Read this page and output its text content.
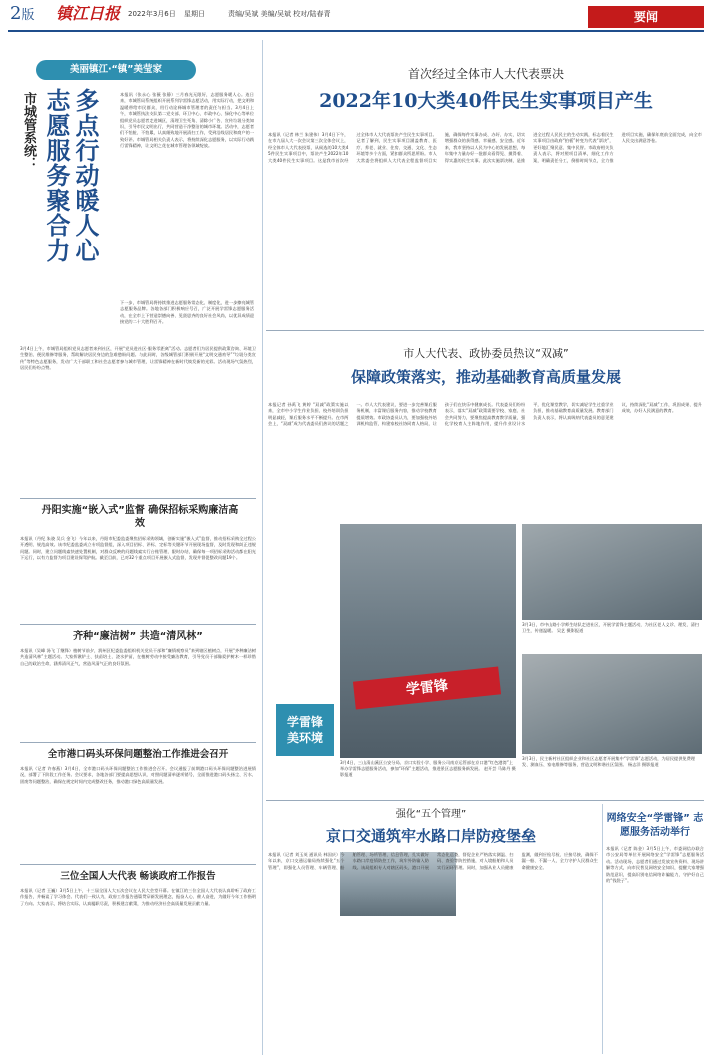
2版 镇江日报 2022年3月6日 星期日	责编/吴斌 美编/吴斌 校对/陆春青	要闻
美丽镇江·“镇”美莹家
市城管系统：	多点行动暖人心 志愿服务聚合力	本报讯（张永心 张薇 张静）三月春光无限好，志愿服务暖人心。连日来，市城管局系统组织开展系列学雷锋志愿活动，用实际行动，把文明和温暖带给市民群众，用行动诠释城市管理者的责任与担当。3月4日上午，市城管执法支队第二党支部、环卫中心、市政中心、绿化中心等单位组织党员志愿者走进城区，清理卫生死角、清除小广告、宣传垃圾分类知识，引导市民文明出行，共同营造干净整洁的城市环境。活动中，志愿者们不怕脏、不怕累，认真细致地开展清扫工作，受到沿线居民和商户的一致好评。市城管局相关负责人表示，将持续深化志愿服务，以实际行动践行雷锋精神，让文明之花在城市管理各领域绽放。
3月4日上午，市城管局组织党员志愿者来到社区，开展“党员进社区·服务零距离”活动。志愿者们为居民提供政策咨询、环境卫生整治、便民维修等服务，帮助解决居民身边的急难愁盼问题。与此同时，各级城管部门积极开展“文明交通劝导”“垃圾分类宣传”等特色志愿服务，发动广大干部职工和社会志愿者参与城市管理，让雷锋精神在新时代焕发新的光彩。活动现场气氛热烈，居民们纷纷点赞。
丹阳实施“嵌入式”监督 确保招标采购廉洁高效
本报讯（丹纪 朱骁 吴兵 金飞）今年以来，丹阳市纪委监委聚焦招标采购领域，创新实施“嵌入式”监督，推动招标采购全过程公开透明、规范高效。该市纪委监委成立专项监督组，深入项目招标、评标、定标等关键环节开展现场监督，及时发现和纠正违规问题。同时，建立问题线索快速处置机制，对群众反映的问题线索实行台账管理、限时办结，确保每一项招标采购活动都在阳光下运行，以有力监督为项目建设保驾护航。截至目前，已对32个重点项目开展嵌入式监督，发现并督促整改问题19个。
齐种“廉洁树” 共造“清风林”
本报讯（吴峰 汤飞 丁继锋）植树节前夕，润州区纪委监委组织机关党员干部和“廉情观察员”来到辖区植树点，开展“齐种廉洁树 共造清风林”主题活动。大家挥锹铲土、扶苗培土、浇水护苗，在植树劳动中接受廉洁教育，引导党员干部像爱护树木一样珍惜自己的政治生命，涵养清风正气，营造风清气正的良好氛围。
全市港口码头环保问题整治工作推进会召开
本报讯（记者 许春燕）3月4日，全市港口码头环保问题整治工作推进会召开。会议通报了前期港口码头环保问题整治进展情况，部署了下阶段工作任务。会议要求，各地各部门要提高思想认识，对照问题清单逐项销号，全面推进港口码头扬尘、污水、固废等问题整治，确保在规定时间内完成整改任务，推动港口绿色高质量发展。
三位全国人大代表 畅谈政府工作报告
本报讯（记者 王巍）3月5日上午，十三届全国人大五次会议在人民大会堂开幕。在镇江的三位全国人大代表认真聆听了政府工作报告，并畅谈了学习体会。代表们一致认为，政府工作报告通篇贯穿新发展理念，振奋人心、催人奋进，为做好今年工作指明了方向。大家表示，将结合实际，认真履职尽责，积极建言献策，为推动经济社会高质量发展贡献力量。
首次经过全体市人大代表票决
2022年10大类40件民生实事项目产生
本报讯（记者 林兰 朱建伟）3月4日下午，在市九届人大一次会议第三次全体会议上，经全体市人大代表投票，从候选的10大类45件民生实事项目中，票决产生2022年10大类40件民生实事项目。这是我市首次经过全体市人大代表票决产生民生实事项目。记者了解到，民生实事项目涵盖教育、医疗、养老、就业、住房、交通、文化、生态环境等多个方面，紧扣群众所思所盼。市人大常委会将组织人大代表全程监督项目实施，确保每件实事办成、办好、办实，切实增强群众的获得感、幸福感、安全感。近年来，我市坚持以人民为中心的发展思想，每年集中力量办好一批群众看得见、摸得着、得实惠的民生实事。此次实施票决制，是推进全过程人民民主的生动实践，标志着民生实事项目由政府“拍板”转变为代表“票决”，更好地汇聚民意、集中民智。市政府相关负责人表示，将对照项目清单，细化工作方案，明确责任分工，倒排时间节点，全力推进项目实施，确保年底前全面完成，向全市人民交出满意答卷。
市人大代表、政协委员热议“双减”
保障政策落实，推动基础教育高质量发展
本报记者 孙禹飞 黄婷 “双减”政策实施以来，全市中小学生作业负担、校外培训负担明显减轻，课后服务水平不断提升。在市两会上，“双减”成为代表委员们热议的话题之一。市人大代表建议，要进一步完善课后服务机制，丰富课后服务内容，推动学校教育提质增效。市政协委员认为，要加强校外培训机构监管，构建家校社协同育人格局，让孩子们在快乐中健康成长。代表委员们纷纷表示，落实“双减”政策需要学校、家庭、社会共同努力，要聚焦提高教育教学质量，强化学校育人主阵地作用，提升作业设计水平，优化课堂教学，切实减轻学生过重学业负担，推动基础教育高质量发展。教育部门负责人表示，将认真吸纳代表委员的意见建议，持续深化“双减”工作，巩固成果、提升成效，办好人民满意的教育。
学雷锋
学雷锋 美环境
3月4日，三山清山溪区公安分局、京口实验小学、服务公司南京运管部在京口港“红色港湾”上举办学雷锋志愿服务活动，参加“环保”主题活动，推进景区志愿服务新发展。 赵开芸 马陈丹 摄影报道
3月3日，市中山路小学师生结队走进社区，开展学雷锋主题活动，为社区老人义诊、理发、清扫卫生，传递温暖。 吴艺 摄影报道
3月3日，民主新村社区组织企业和社区志愿者开展集中“学雷锋”志愿活动，为居民提供免费理发、测血压、家电维修等服务，营造文明和谐社区氛围。 杨志洋 摄影报道
强化“五个管理”
京口交通筑牢水路口岸防疫堡垒
本报讯（记者 刘玉英 通讯员 林国庆）今年以来，京口交通运输局持续强化“五个管理”，即强化人员管理、车辆管理、船舶管理、场所管理、信息管理，扎实做好水路口岸疫情防控工作，筑牢外防输入防线。该局组织专人对辖区码头、港口开展常态化巡查，督促企业严格落实测温、扫码、查验等防控措施，对入境船舶和人员实行闭环管理。同时，加强从业人员健康监测，做到应检尽检、应接尽接，确保不漏一船、不漏一人，全力守护人民群众生命健康安全。
网络安全“学雷锋” 志愿服务活动举行
本报讯（记者 陈金）3月5日上午，市委网信办联合市公安局等单位开展网络安全“学雷锋”志愿服务活动。活动现场，志愿者们通过发放宣传资料、现场讲解等方式，向市民普及网络安全知识，提醒大家增强防范意识，提高识别电信网络诈骗能力，守护好自己的“钱袋子”。
下一步，市城管局将持续推进志愿服务常态化、制度化，进一步擦亮城管志愿服务品牌。各地各部门积极响应号召，广泛开展学雷锋志愿服务活动，在全市上下营造崇德向善、见贤思齐的良好社会风尚，以优异成绩迎接党的二十大胜利召开。
